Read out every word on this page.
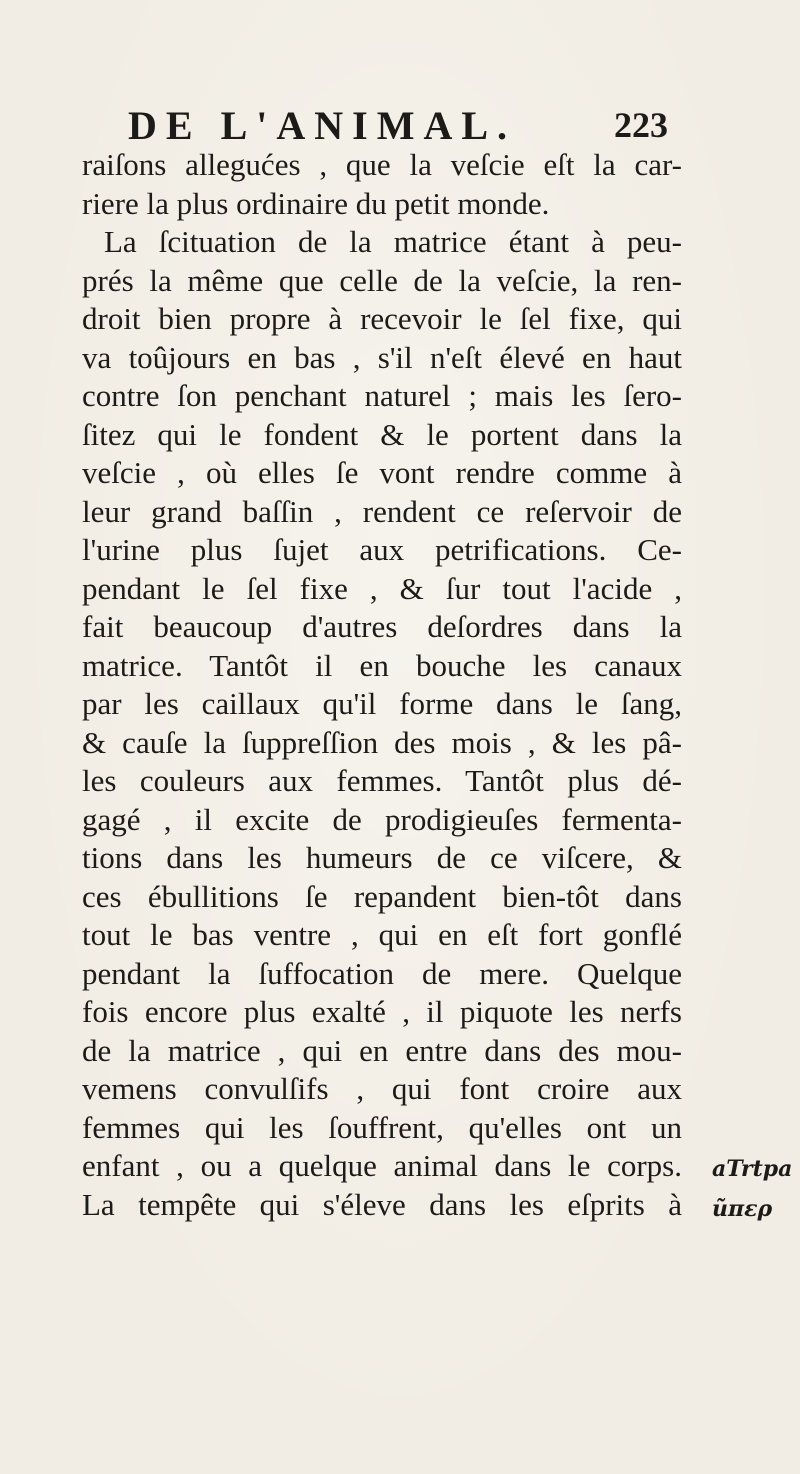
DE L'ANIMAL.	223
raiſons allegućes , que la veſcie eſt la car-
riere la plus ordinaire du petit monde.
La ſcituation de la matrice étant à peu-
prés la même que celle de la veſcie, la ren-
droit bien propre à recevoir le ſel fixe, qui
va toûjours en bas , s'il n'eſt élevé en haut
contre ſon penchant naturel ; mais les ſero-
ſitez qui le fondent & le portent dans la
veſcie , où elles ſe vont rendre comme à
leur grand baſſin , rendent ce reſervoir de
l'urine plus ſujet aux petrifications. Ce-
pendant le ſel fixe , & ſur tout l'acide ,
fait beaucoup d'autres deſordres dans la
matrice. Tantôt il en bouche les canaux
par les caillaux qu'il forme dans le ſang,
& cauſe la ſuppreſſion des mois , & les pâ-
les couleurs aux femmes. Tantôt plus dé-
gagé , il excite de prodigieuſes fermenta-
tions dans les humeurs de ce viſcere, &
ces ébullitions ſe repandent bien-tôt dans
tout le bas ventre , qui en eſt fort gonflé
pendant la ſuffocation de mere. Quelque
fois encore plus exalté , il piquote les nerfs
de la matrice , qui en entre dans des mou-
vemens convulſifs , qui font croire aux
femmes qui les ſouffrent, qu'elles ont un
enfant , ou a quelque animal dans le corps.
La tempête qui s'éleve dans les eſprits à
aTrtpa
ũπερ
